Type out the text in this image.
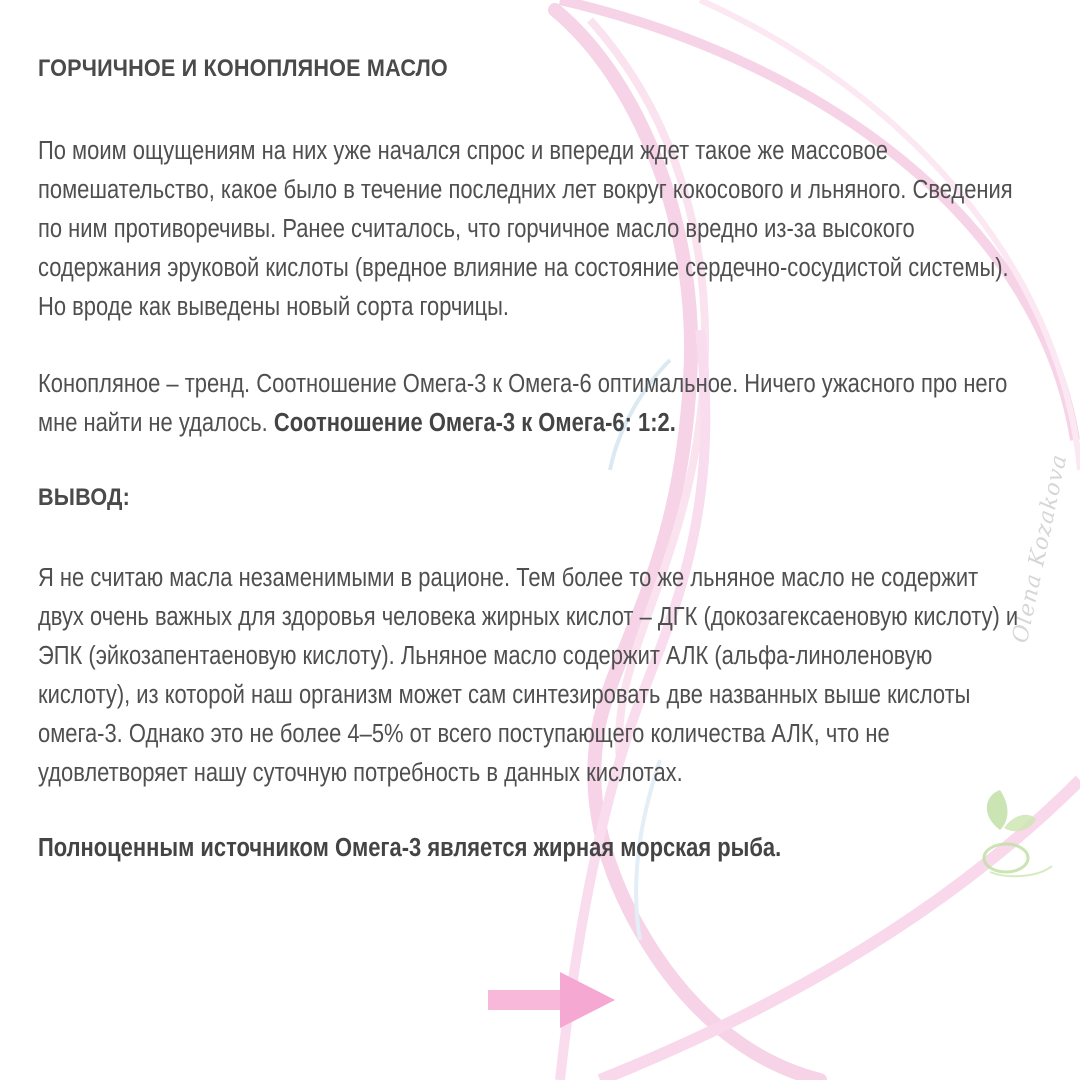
Olena Kozakova
ГОРЧИЧНОЕ И КОНОПЛЯНОЕ МАСЛО

По моим ощущениям на них уже начался спрос и впереди ждет такое же массовое помешательство, какое было в течение последних лет вокруг кокосового и льняного. Сведения по ним противоречивы. Ранее считалось, что горчичное масло вредно из-за высокого содержания эруковой кислоты (вредное влияние на состояние сердечно-сосудистой системы). Но вроде как выведены новый сорта горчицы.

Конопляное – тренд. Соотношение Омега-3 к Омега-6 оптимальное. Ничего ужасного про него мне найти не удалось. Соотношение Омега-3 к Омега-6: 1:2.

ВЫВОД:

Я не считаю масла незаменимыми в рационе. Тем более то же льняное масло не содержит двух очень важных для здоровья человека жирных кислот – ДГК (докозагексаеновую кислоту) и ЭПК (эйкозапентаеновую кислоту). Льняное масло содержит АЛК (альфа-линоленовую кислоту), из которой наш организм может сам синтезировать две названных выше кислоты омега-3. Однако это не более 4–5% от всего поступающего количества АЛК, что не удовлетворяет нашу суточную потребность в данных кислотах.

Полноценным источником Омега-3 является жирная морская рыба.
